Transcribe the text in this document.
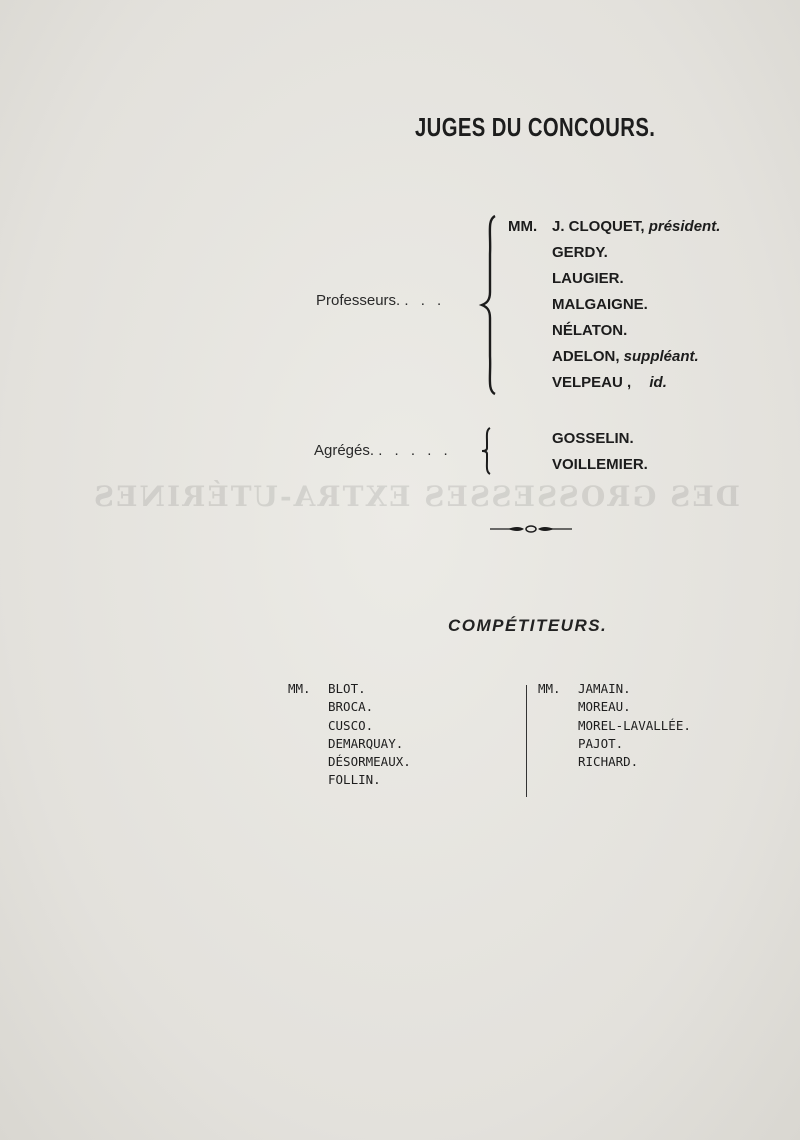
DES GROSSESSES EXTRA-UTÉRINES
JUGES DU CONCOURS.
Professeurs. . . .
MM. J. CLOQUET, président.
GERDY.
LAUGIER.
MALGAIGNE.
NÉLATON.
ADELON, suppléant.
VELPEAU , id.
Agrégés. . . . . .
GOSSELIN.
VOILLEMIER.
COMPÉTITEURS.
MM. BLOT.
BROCA.
CUSCO.
DEMARQUAY.
DÉSORMEAUX.
FOLLIN.
MM. JAMAIN.
MOREAU.
MOREL-LAVALLÉE.
PAJOT.
RICHARD.
